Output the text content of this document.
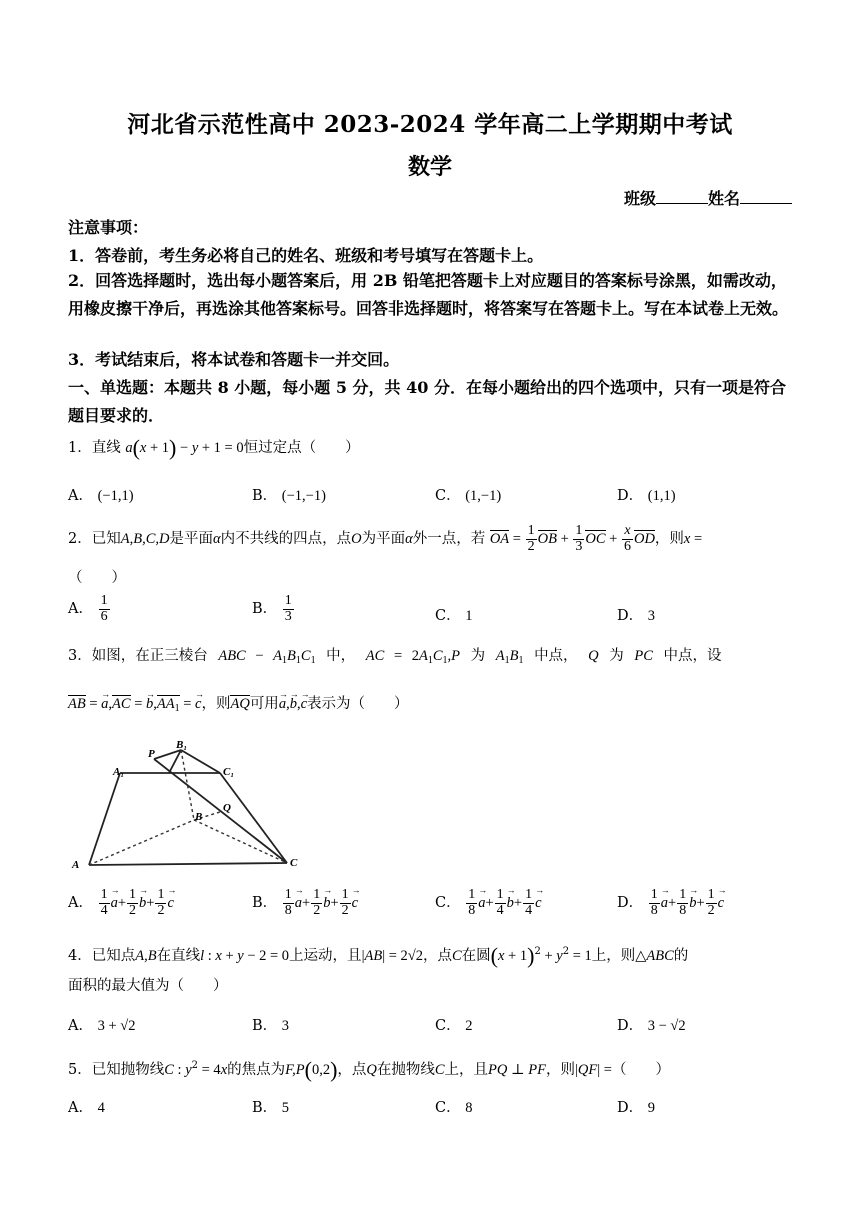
河北省示范性高中 2023-2024 学年高二上学期期中考试
数学
班级	姓名
注意事项：
1．答卷前，考生务必将自己的姓名、班级和考号填写在答题卡上。
2．回答选择题时，选出每小题答案后，用 2B 铅笔把答题卡上对应题目的答案标号涂黑，如需改动，用橡皮擦干净后，再选涂其他答案标号。回答非选择题时，将答案写在答题卡上。写在本试卷上无效。
3．考试结束后，将本试卷和答题卡一并交回。
一、单选题：本题共 8 小题，每小题 5 分，共 40 分．在每小题给出的四个选项中，只有一项是符合题目要求的．
1．直线 a(x + 1) − y + 1 = 0恒过定点（　　）
A． (−1,1)	B． (−1,−1)	C． (1,−1)	D． (1,1)
2．已知A,B,C,D是平面α内不共线的四点，点O为平面α外一点，若 OA = $\frac{1}{2}$ OB + $\frac{1}{3}$ OC + $\frac{x}{6}$ OD，则x =
（　　）
A． $\frac{1}{6}$	B． $\frac{1}{3}$	C． 1	D． 3
3．如图，在正三棱台 ABC − $A_1B_1C_1$ 中， AC = $2A_1C_1,P$ 为 $A_1B_1$ 中点， Q 为 PC 中点，设
AB = → a,AC = → $b,AA_1$ = → c，则AQ可用→ a,→ b,→ c表示为（　　）
P
B₁
A₁	C₁
Q
B
A	C
A． $\frac{1}{4}$
→ $a+ \frac{1}{2}$
→ $b+ \frac{1}{2}$
→ c	B． $\frac{1}{8}$
→ $a+ \frac{1}{2}$
→ $b+ \frac{1}{2}$
→ c	C． $\frac{1}{8}$
→ $a+ \frac{1}{4}$
→ $b+ \frac{1}{4}$
→ c	D． $\frac{1}{8}$
→ $a+ \frac{1}{8}$
→ $b+ \frac{1}{2}$
→ c
4．已知点A,B在直线l : x + y − 2 = 0上运动，且|AB| = 2√2，点C在圆$(x + 1)^2 + y^2 = 1$上，则△ABC的
面积的最大值为（　　）
A． 3 + √2	B． 3	C． 2	D． 3 − √2
5．已知抛物线C : $y^2 = 4x$的焦点为F,P(0,2)，点Q在抛物线C上，且PQ ⊥ PF，则|QF| =（　　）
A． 4	B． 5	C． 8	D． 9
